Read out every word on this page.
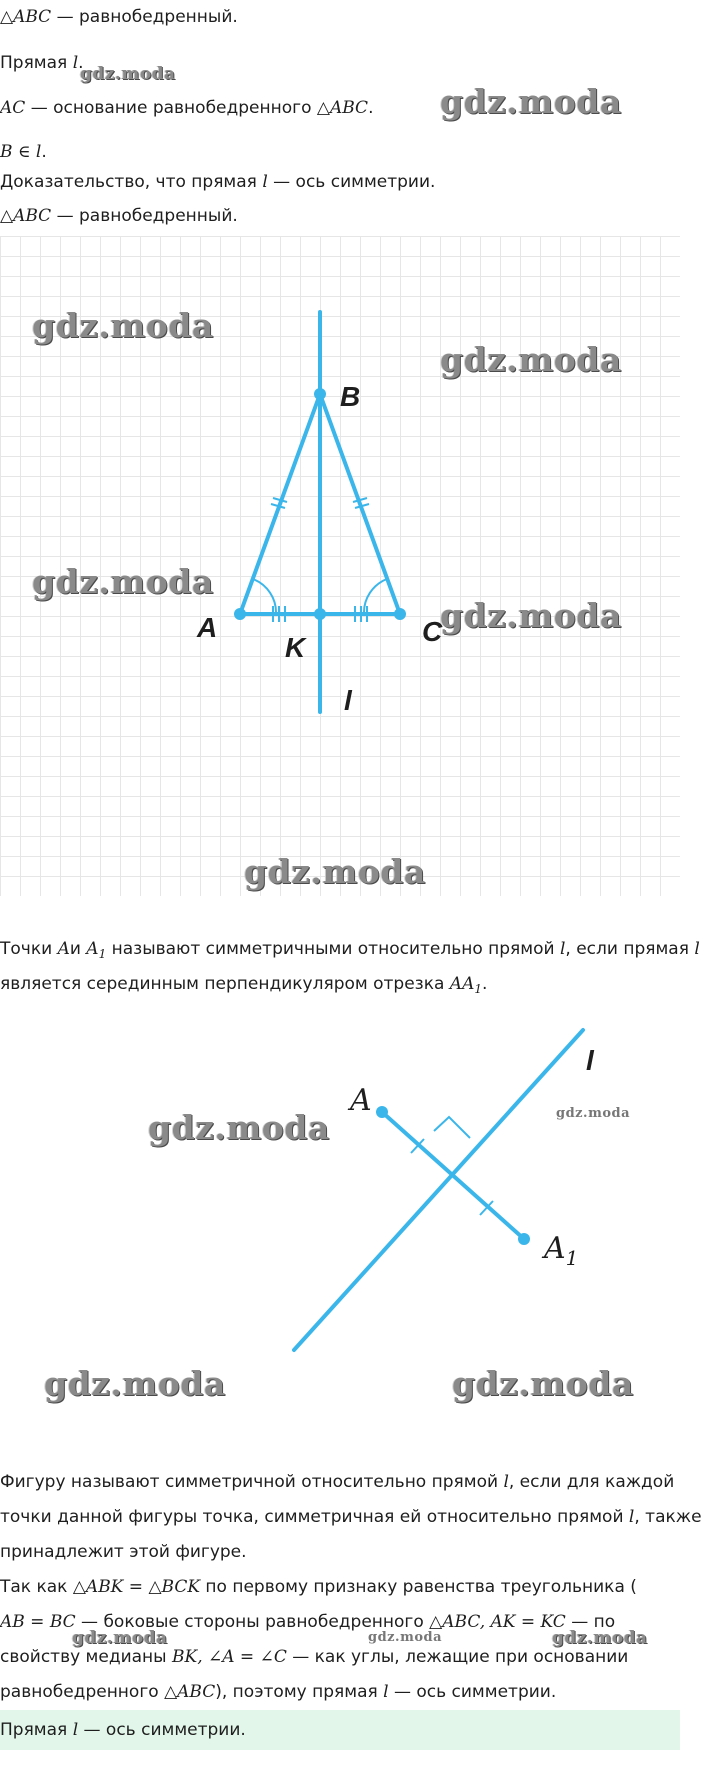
△ABC — равнобедренный.
Прямая l.
AC — основание равнобедренного △ABC.
B ∈ l.
Доказательство, что прямая l — ось симметрии.
△ABC — равнобедренный.
B
A	C
K
l
Точки Aи $A_1$ называют симметричными относительно прямой l, если прямая l
является серединным перпендикуляром отрезка $AA_1$.
A
$A_1$
l
Фигуру называют симметричной относительно прямой l, если для каждой
точки данной фигуры точка, симметричная ей относительно прямой l, также
принадлежит этой фигуре.
Так как △ABK = △BCK по первому признаку равенства треугольника (
AB = BC — боковые стороны равнобедренного △ABC, AK = KC — по
свойству медианы BK, ∠A = ∠C — как углы, лежащие при основании
равнобедренного △ABC), поэтому прямая l — ось симметрии.
Прямая l — ось симметрии.
gdz.moda
gdz.moda
gdz.moda
gdz.moda
gdz.moda
gdz.moda
gdz.moda
gdz.moda	gdz.moda
gdz.moda	gdz.moda
gdz.moda	gdz.moda	gdz.moda
